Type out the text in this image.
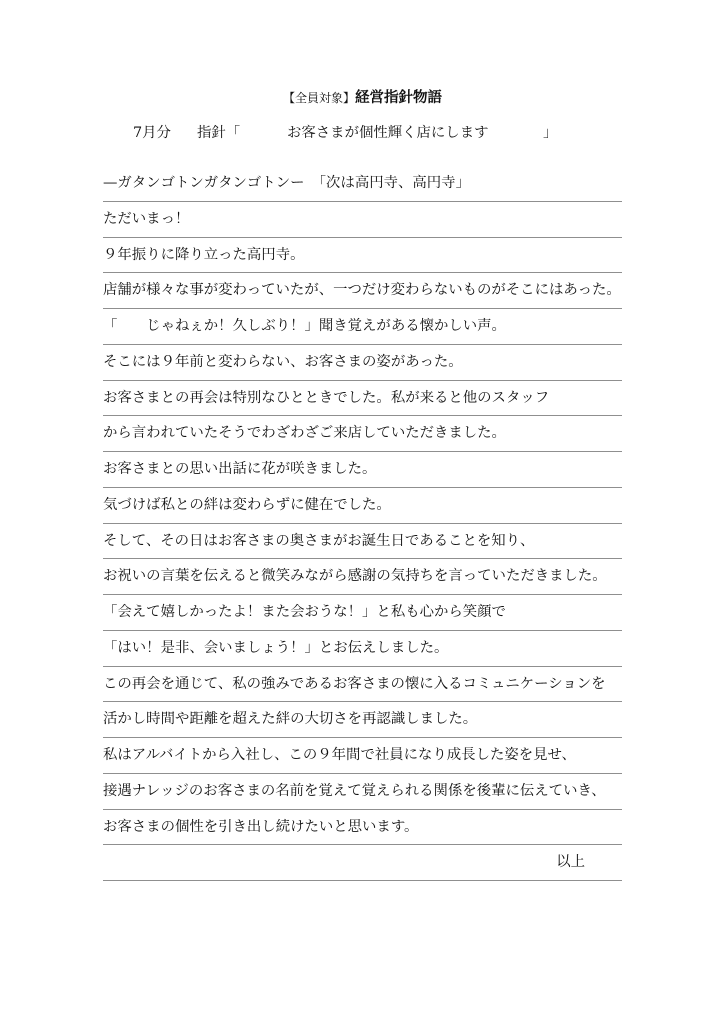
【全員対象】経営指針物語
7月分 指針「	お客さまが個性輝く店にします	」
—ガタンゴトンガタンゴトンー　「次は高円寺、高円寺」
ただいまっ！
９年振りに降り立った高円寺。
店舗が様々な事が変わっていたが、一つだけ変わらないものがそこにはあった。
「　　じゃねぇか！久しぶり！」聞き覚えがある懐かしい声。
そこには９年前と変わらない、お客さまの姿があった。
お客さまとの再会は特別なひとときでした。私が来ると他のスタッフ
から言われていたそうでわざわざご来店していただきました。
お客さまとの思い出話に花が咲きました。
気づけば私との絆は変わらずに健在でした。
そして、その日はお客さまの奥さまがお誕生日であることを知り、
お祝いの言葉を伝えると微笑みながら感謝の気持ちを言っていただきました。
「会えて嬉しかったよ！また会おうな！」と私も心から笑顔で
「はい！是非、会いましょう！」とお伝えしました。
この再会を通じて、私の強みであるお客さまの懐に入るコミュニケーションを
活かし時間や距離を超えた絆の大切さを再認識しました。
私はアルバイトから入社し、この９年間で社員になり成長した姿を見せ、
接遇ナレッジのお客さまの名前を覚えて覚えられる関係を後輩に伝えていき、
お客さまの個性を引き出し続けたいと思います。
以上
